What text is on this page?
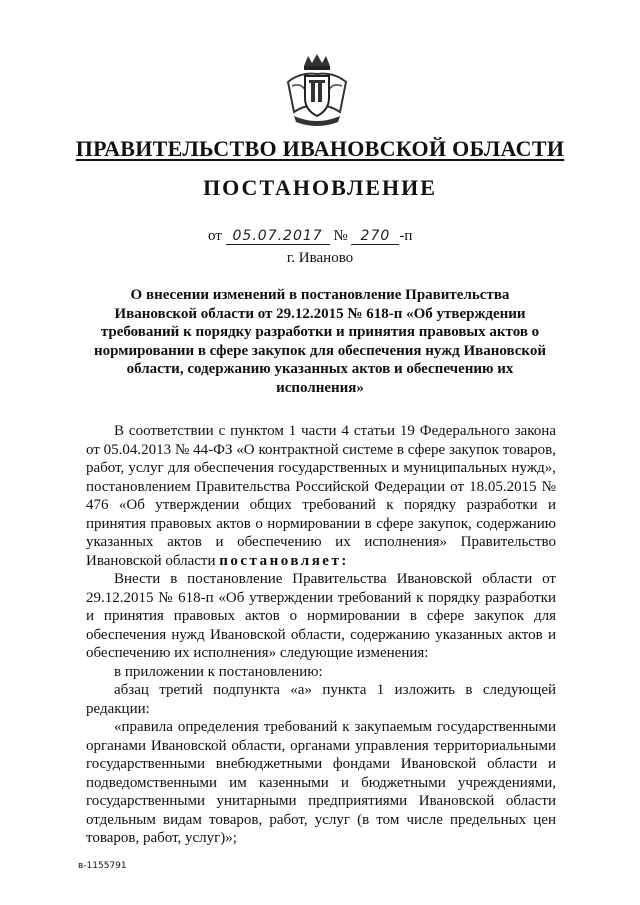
ПРАВИТЕЛЬСТВО ИВАНОВСКОЙ ОБЛАСТИ
ПОСТАНОВЛЕНИЕ
от 05.07.2017 № 270 -п
г. Иваново
О внесении изменений в постановление Правительства Ивановской области от 29.12.2015 № 618-п «Об утверждении требований к порядку разработки и принятия правовых актов о нормировании в сфере закупок для обеспечения нужд Ивановской области, содержанию указанных актов и обеспечению их исполнения»

В соответствии с пунктом 1 части 4 статьи 19 Федерального закона от 05.04.2013 № 44-ФЗ «О контрактной системе в сфере закупок товаров, работ, услуг для обеспечения государственных и муниципальных нужд», постановлением Правительства Российской Федерации от 18.05.2015 № 476 «Об утверждении общих требований к порядку разработки и принятия правовых актов о нормировании в сфере закупок, содержанию указанных актов и обеспечению их исполнения» Правительство Ивановской области постановляет:

Внести в постановление Правительства Ивановской области от 29.12.2015 № 618-п «Об утверждении требований к порядку разработки и принятия правовых актов о нормировании в сфере закупок для обеспечения нужд Ивановской области, содержанию указанных актов и обеспечению их исполнения» следующие изменения:

в приложении к постановлению:

абзац третий подпункта «а» пункта 1 изложить в следующей редакции:

«правила определения требований к закупаемым государственными органами Ивановской области, органами управления территориальными государственными внебюджетными фондами Ивановской области и подведомственными им казенными и бюджетными учреждениями, государственными унитарными предприятиями Ивановской области отдельным видам товаров, работ, услуг (в том числе предельных цен товаров, работ, услуг)»;

в-1155791
